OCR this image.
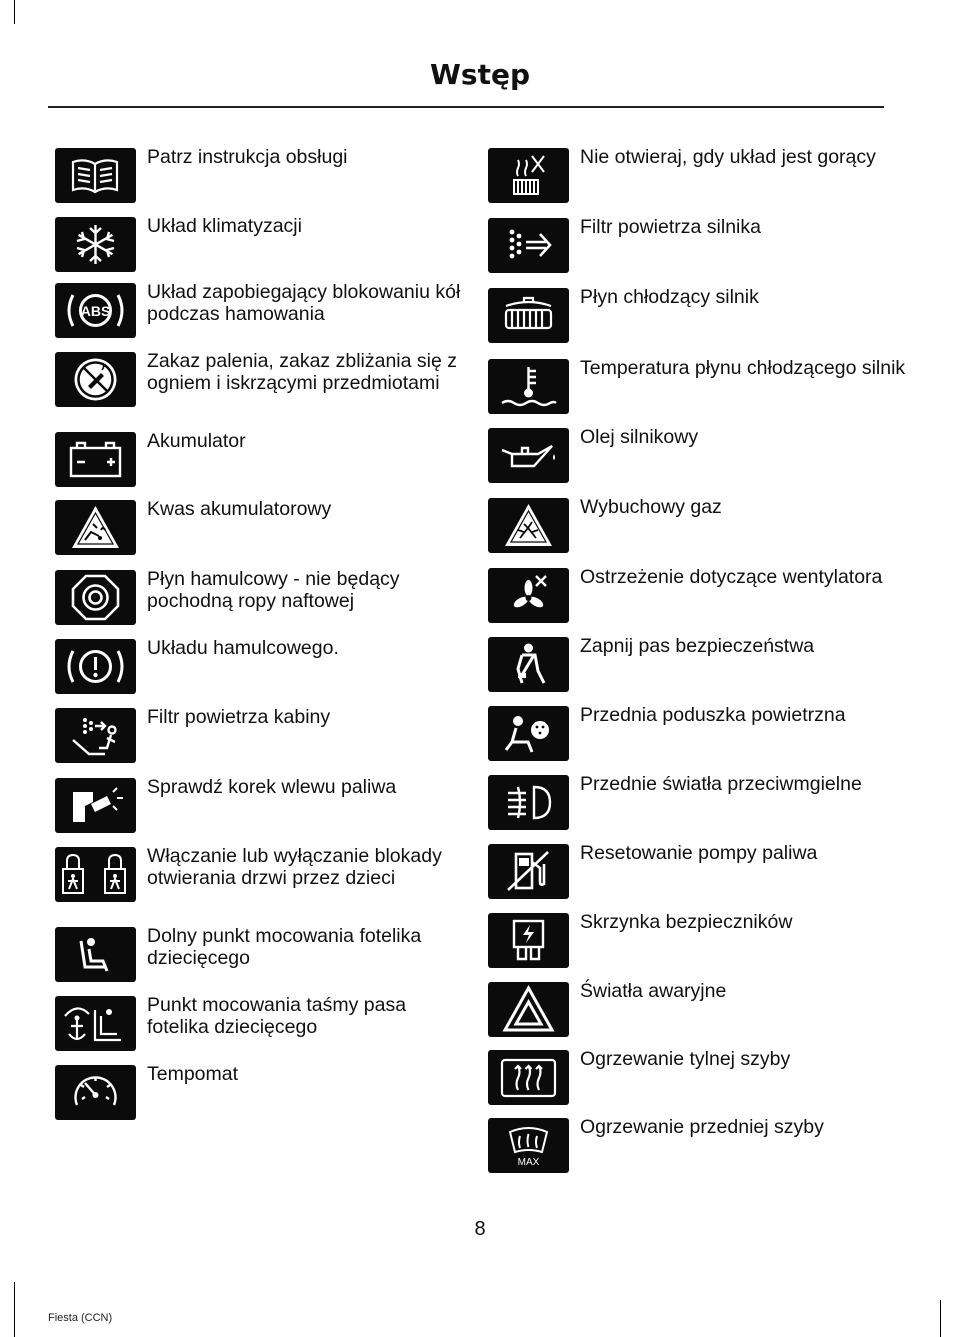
Wstęp
Patrz instrukcja obsługi
Układ klimatyzacji
ABS
Układ zapobiegający blokowaniu kół podczas hamowania
Zakaz palenia, zakaz zbliżania się z ogniem i iskrzącymi przedmiotami
Akumulator
Kwas akumulatorowy
Płyn hamulcowy - nie będący pochodną ropy naftowej
Układu hamulcowego.
Filtr powietrza kabiny
Sprawdź korek wlewu paliwa
Włączanie lub wyłączanie blokady otwierania drzwi przez dzieci
Dolny punkt mocowania fotelika dziecięcego
Punkt mocowania taśmy pasa fotelika dziecięcego
Tempomat
Nie otwieraj, gdy układ jest gorący
Filtr powietrza silnika
Płyn chłodzący silnik
Temperatura płynu chłodzącego silnik
Olej silnikowy
Wybuchowy gaz
Ostrzeżenie dotyczące wentylatora
Zapnij pas bezpieczeństwa
Przednia poduszka powietrzna
Przednie światła przeciwmgielne
Resetowanie pompy paliwa
Skrzynka bezpieczników
Światła awaryjne
Ogrzewanie tylnej szyby
MAX
Ogrzewanie przedniej szyby
8
Fiesta (CCN)
